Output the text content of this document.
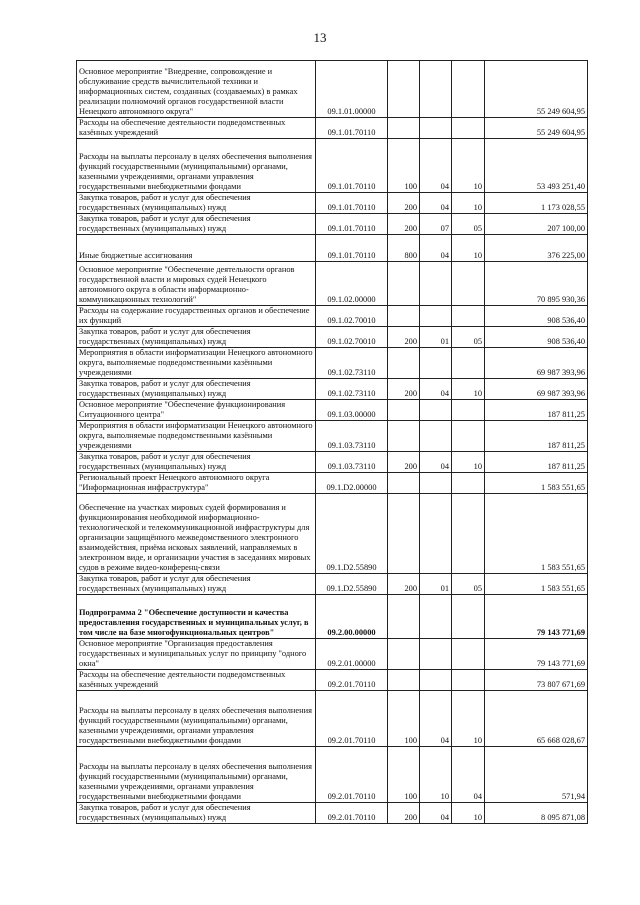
13
Основное мероприятие "Внедрение, сопровождение и обслуживание средств вычислительной техники и информационных систем, созданных (создаваемых) в рамках реализации полномочий органов государственной власти Ненецкого автономного округа"	09.1.01.00000				55 249 604,95
Расходы на обеспечение деятельности подведомственных казённых учреждений	09.1.01.70110				55 249 604,95
Расходы на выплаты персоналу в целях обеспечения выполнения функций государственными (муниципальными) органами, казенными учреждениями, органами управления государственными внебюджетными фондами	09.1.01.70110	100	04	10	53 493 251,40
Закупка товаров, работ и услуг для обеспечения государственных (муниципальных) нужд	09.1.01.70110	200	04	10	1 173 028,55
Закупка товаров, работ и услуг для обеспечения государственных (муниципальных) нужд	09.1.01.70110	200	07	05	207 100,00
Иные бюджетные ассигнования	09.1.01.70110	800	04	10	376 225,00
Основное мероприятие "Обеспечение деятельности органов государственной власти и мировых судей Ненецкого автономного округа в области информационно-коммуникационных технологий"	09.1.02.00000				70 895 930,36
Расходы на содержание государственных органов и обеспечение их функций	09.1.02.70010				908 536,40
Закупка товаров, работ и услуг для обеспечения государственных (муниципальных) нужд	09.1.02.70010	200	01	05	908 536,40
Мероприятия в области информатизации Ненецкого автономного округа, выполняемые подведомственными казёнными учреждениями	09.1.02.73110				69 987 393,96
Закупка товаров, работ и услуг для обеспечения государственных (муниципальных) нужд	09.1.02.73110	200	04	10	69 987 393,96
Основное мероприятие "Обеспечение функционирования Ситуационного центра"	09.1.03.00000				187 811,25
Мероприятия в области информатизации Ненецкого автономного округа, выполняемые подведомственными казёнными учреждениями	09.1.03.73110				187 811,25
Закупка товаров, работ и услуг для обеспечения государственных (муниципальных) нужд	09.1.03.73110	200	04	10	187 811,25
Региональный проект Ненецкого автономного округа "Информационная инфраструктура"	09.1.D2.00000				1 583 551,65
Обеспечение на участках мировых судей формирования и функционирования необходимой информационно-технологической и телекоммуникационной инфраструктуры для организации защищённого межведомственного электронного взаимодействия, приёма исковых заявлений, направляемых в электронном виде, и организации участия в заседаниях мировых судов в режиме видео-конференц-связи	09.1.D2.55890				1 583 551,65
Закупка товаров, работ и услуг для обеспечения государственных (муниципальных) нужд	09.1.D2.55890	200	01	05	1 583 551,65
Подпрограмма 2 "Обеспечение доступности и качества предоставления государственных и муниципальных услуг, в том числе на базе многофункциональных центров"	09.2.00.00000				79 143 771,69
Основное мероприятие "Организация предоставления государственных и муниципальных услуг по принципу "одного окна"	09.2.01.00000				79 143 771,69
Расходы на обеспечение деятельности подведомственных казённых учреждений	09.2.01.70110				73 807 671,69
Расходы на выплаты персоналу в целях обеспечения выполнения функций государственными (муниципальными) органами, казенными учреждениями, органами управления государственными внебюджетными фондами	09.2.01.70110	100	04	10	65 668 028,67
Расходы на выплаты персоналу в целях обеспечения выполнения функций государственными (муниципальными) органами, казенными учреждениями, органами управления государственными внебюджетными фондами	09.2.01.70110	100	10	04	571,94
Закупка товаров, работ и услуг для обеспечения государственных (муниципальных) нужд	09.2.01.70110	200	04	10	8 095 871,08
